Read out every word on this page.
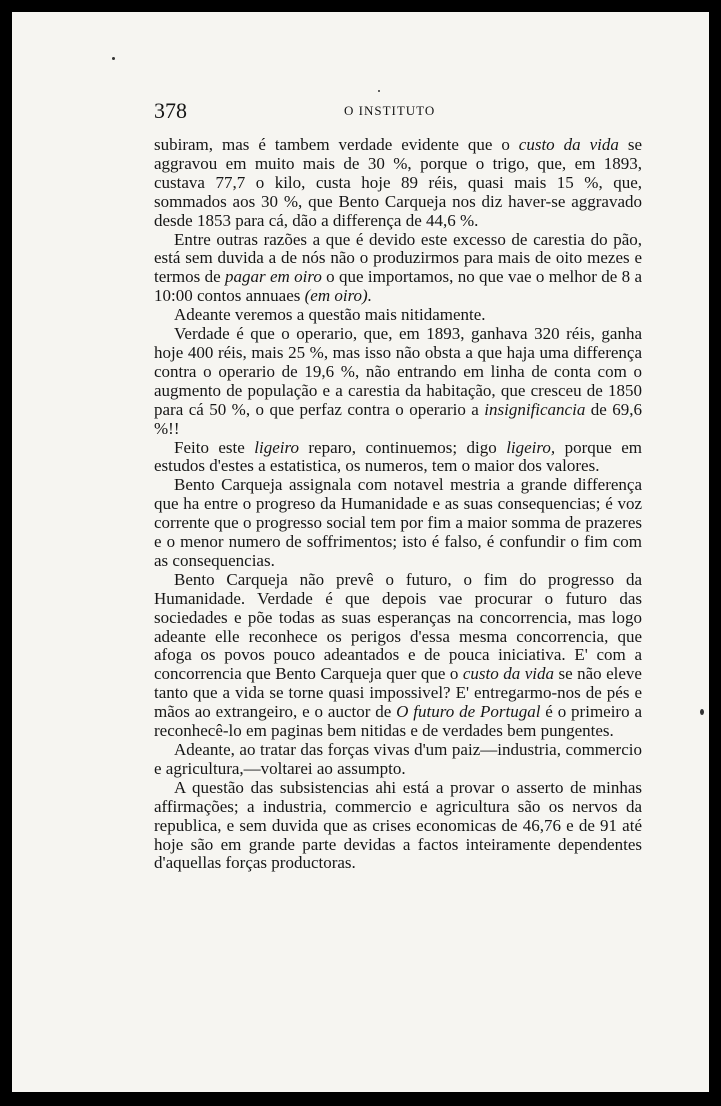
378	O INSTITUTO

subiram, mas é tambem verdade evidente que o custo da vida se aggravou em muito mais de 30 %, porque o trigo, que, em 1893, custava 77,7 o kilo, custa hoje 89 réis, quasi mais 15 %, que, sommados aos 30 %, que Bento Carqueja nos diz haver-se aggravado desde 1853 para cá, dão a differença de 44,6 %.

Entre outras razões a que é devido este excesso de carestia do pão, está sem duvida a de nós não o produzirmos para mais de oito mezes e termos de pagar em oiro o que importamos, no que vae o melhor de 8 a 10:00 contos annuaes (em oiro).

Adeante veremos a questão mais nitidamente.

Verdade é que o operario, que, em 1893, ganhava 320 réis, ganha hoje 400 réis, mais 25 %, mas isso não obsta a que haja uma differença contra o operario de 19,6 %, não entrando em linha de conta com o augmento de população e a carestia da habitação, que cresceu de 1850 para cá 50 %, o que perfaz contra o operario a insignificancia de 69,6 %!!

Feito este ligeiro reparo, continuemos; digo ligeiro, porque em estudos d'estes a estatistica, os numeros, tem o maior dos valores.

Bento Carqueja assignala com notavel mestria a grande differença que ha entre o progreso da Humanidade e as suas consequencias; é voz corrente que o progresso social tem por fim a maior somma de prazeres e o menor numero de soffrimentos; isto é falso, é confundir o fim com as consequencias.

Bento Carqueja não prevê o futuro, o fim do progresso da Humanidade. Verdade é que depois vae procurar o futuro das sociedades e põe todas as suas esperanças na concorrencia, mas logo adeante elle reconhece os perigos d'essa mesma concorrencia, que afoga os povos pouco adeantados e de pouca iniciativa. E' com a concorrencia que Bento Carqueja quer que o custo da vida se não eleve tanto que a vida se torne quasi impossivel? E' entregarmo-nos de pés e mãos ao extrangeiro, e o auctor de O futuro de Portugal é o primeiro a reconhecê-lo em paginas bem nitidas e de verdades bem pungentes.

Adeante, ao tratar das forças vivas d'um paiz—industria, commercio e agricultura,—voltarei ao assumpto.

A questão das subsistencias ahi está a provar o asserto de minhas affirmações; a industria, commercio e agricultura são os nervos da republica, e sem duvida que as crises economicas de 46,76 e de 91 até hoje são em grande parte devidas a factos inteiramente dependentes d'aquellas forças productoras.
